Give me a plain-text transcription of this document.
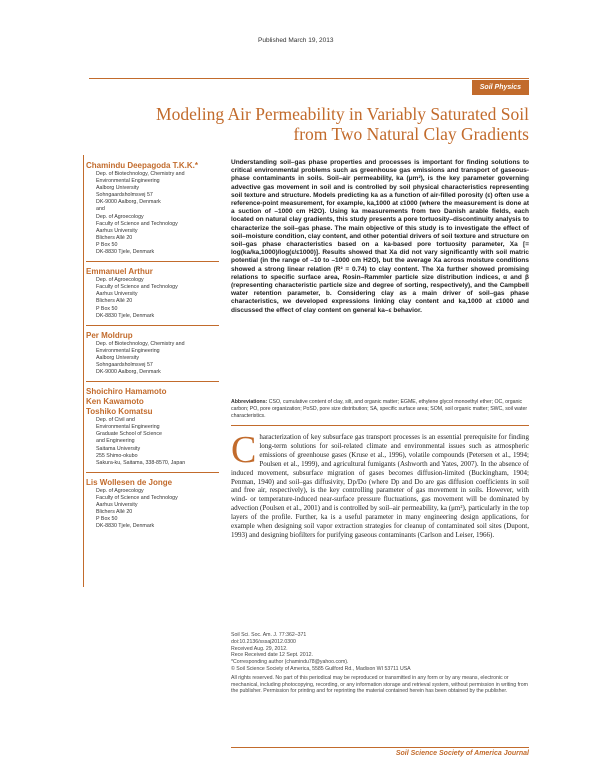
Published March 19, 2013
Soil Physics
Modeling Air Permeability in Variably Saturated Soil
from Two Natural Clay Gradients
Chamindu Deepagoda T.K.K.*
Dep. of Biotechnology, Chemistry and
Environmental Engineering
Aalborg University
Sohngaardsholmsvej 57
DK-9000 Aalborg, Denmark
and
Dep. of Agroecology
Faculty of Science and Technology
Aarhus University
Blichers Allé 20
P Box 50
DK-8830 Tjele, Denmark
Emmanuel Arthur
Dep. of Agroecology
Faculty of Science and Technology
Aarhus University
Blichers Allé 20
P Box 50
DK-8830 Tjele, Denmark
Per Moldrup
Dep. of Biotechnology, Chemistry and
Environmental Engineering
Aalborg University
Sohngaardsholmsvej 57
DK-9000 Aalborg, Denmark
Shoichiro Hamamoto
Ken Kawamoto
Toshiko Komatsu
Dep. of Civil and
Environmental Engineering
Graduate School of Science
and Engineering
Saitama University
255 Shimo-okubo
Sakura-ku, Saitama, 338-8570, Japan
Lis Wollesen de Jonge
Dep. of Agroecology
Faculty of Science and Technology
Aarhus University
Blichers Allé 20
P Box 50
DK-8830 Tjele, Denmark
Understanding soil–gas phase properties and processes is important for finding solutions to critical environmental problems such as greenhouse gas emissions and transport of gaseous-phase contaminants in soils. Soil–air permeability, ka (μm²), is the key parameter governing advective gas movement in soil and is controlled by soil physical characteristics representing soil texture and structure. Models predicting ka as a function of air-filled porosity (ε) often use a reference-point measurement, for example, ka,1000 at ε1000 (where the measurement is done at a suction of –1000 cm H2O). Using ka measurements from two Danish arable fields, each located on natural clay gradients, this study presents a pore tortuosity–discontinuity analysis to characterize the soil–gas phase. The main objective of this study is to investigate the effect of soil–moisture condition, clay content, and other potential drivers of soil texture and structure on soil–gas phase characteristics based on a ka-based pore tortuosity parameter, Xa [= log(ka/ka,1000)/log(ε/ε1000)]. Results showed that Xa did not vary significantly with soil matric potential (in the range of –10 to –1000 cm H2O), but the average Xa across moisture conditions showed a strong linear relation (R² = 0.74) to clay content. The Xa further showed promising relations to specific surface area, Rosin–Rammler particle size distribution indices, α and β (representing characteristic particle size and degree of sorting, respectively), and the Campbell water retention parameter, b. Considering clay as a main driver of soil–gas phase characteristics, we developed expressions linking clay content and ka,1000 at ε1000 and discussed the effect of clay content on general ka–ε behavior.
Abbreviations: CSO, cumulative content of clay, silt, and organic matter; EGME, ethylene glycol monoethyl ether; OC, organic carbon; PO, pore organization; PoSD, pore size distribution; SA, specific surface area; SOM, soil organic matter; SWC, soil water characteristics.
Characterization of key subsurface gas transport processes is an essential prerequisite for finding long-term solutions for soil-related climate and environmental issues such as atmospheric emissions of greenhouse gases (Kruse et al., 1996), volatile compounds (Petersen et al., 1994; Poulsen et al., 1999), and agricultural fumigants (Ashworth and Yates, 2007). In the absence of induced movement, subsurface migration of gases becomes diffusion-limited (Buckingham, 1904; Penman, 1940) and soil–gas diffusivity, Dp/Do (where Dp and Do are gas diffusion coefficients in soil and free air, respectively), is the key controlling parameter of gas movement in soils. However, with wind- or temperature-induced near-surface pressure fluctuations, gas movement will be dominated by advection (Poulsen et al., 2001) and is controlled by soil–air permeability, ka (μm²), particularly in the top layers of the profile. Further, ka is a useful parameter in many engineering design applications, for example when designing soil vapor extraction strategies for cleanup of contaminated soil sites (Dupont, 1993) and designing biofilters for purifying gaseous contaminants (Carlson and Leiser, 1966).
Soil Sci. Soc. Am. J. 77:362–371
doi:10.2136/sssaj2012.0300
Received Aug. 29, 2012.
Rece Received date 12 Sept. 2012.
*Corresponding author (chamindu78@yahoo.com).
© Soil Science Society of America, 5585 Guilford Rd., Madison WI 53711 USA
All rights reserved. No part of this periodical may be reproduced or transmitted in any form or by any means, electronic or mechanical, including photocopying, recording, or any information storage and retrieval system, without permission in writing from the publisher. Permission for printing and for reprinting the material contained herein has been obtained by the publisher.
Soil Science Society of America Journal
